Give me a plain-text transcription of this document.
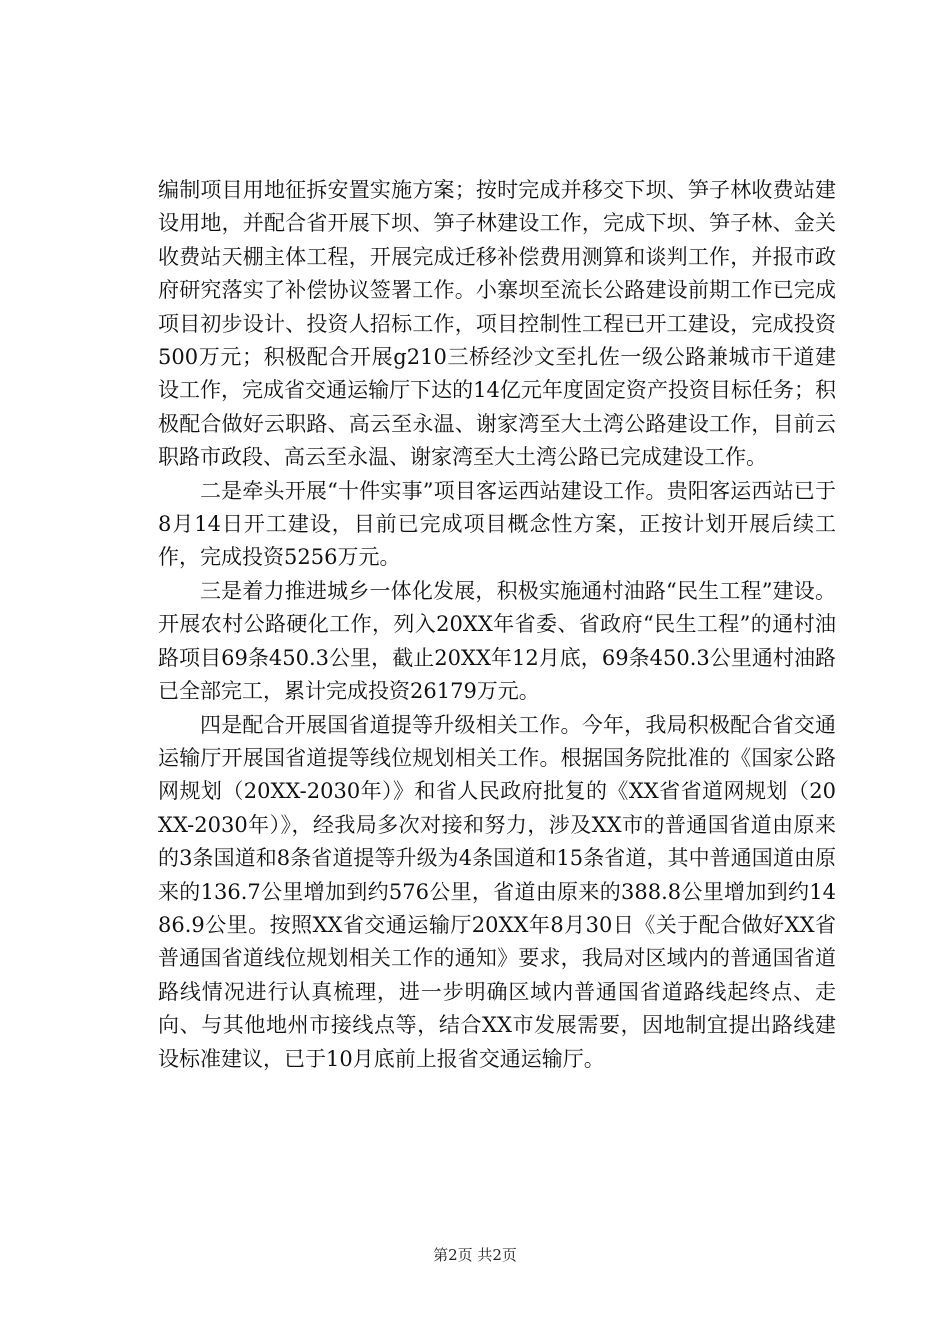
编制项目用地征拆安置实施方案；按时完成并移交下坝、笋子林收费站建设用地，并配合省开展下坝、笋子林建设工作，完成下坝、笋子林、金关收费站天棚主体工程，开展完成迁移补偿费用测算和谈判工作，并报市政府研究落实了补偿协议签署工作。小寨坝至流长公路建设前期工作已完成项目初步设计、投资人招标工作，项目控制性工程已开工建设，完成投资500万元；积极配合开展g210三桥经沙文至扎佐一级公路兼城市干道建设工作，完成省交通运输厅下达的14亿元年度固定资产投资目标任务；积极配合做好云职路、高云至永温、谢家湾至大土湾公路建设工作，目前云职路市政段、高云至永温、谢家湾至大土湾公路已完成建设工作。

二是牵头开展“十件实事”项目客运西站建设工作。贵阳客运西站已于8月14日开工建设，目前已完成项目概念性方案，正按计划开展后续工作，完成投资5256万元。

三是着力推进城乡一体化发展，积极实施通村油路“民生工程”建设。开展农村公路硬化工作，列入20XX年省委、省政府“民生工程”的通村油路项目69条450.3公里，截止20XX年12月底，69条450.3公里通村油路已全部完工，累计完成投资26179万元。

四是配合开展国省道提等升级相关工作。今年，我局积极配合省交通运输厅开展国省道提等线位规划相关工作。根据国务院批准的《国家公路网规划（20XX-2030年）》和省人民政府批复的《XX省省道网规划（20XX-2030年）》，经我局多次对接和努力，涉及XX市的普通国省道由原来的3条国道和8条省道提等升级为4条国道和15条省道，其中普通国道由原来的136.7公里增加到约576公里，省道由原来的388.8公里增加到约1486.9公里。按照XX省交通运输厅20XX年8月30日《关于配合做好XX省普通国省道线位规划相关工作的通知》要求，我局对区域内的普通国省道路线情况进行认真梳理，进一步明确区域内普通国省道路线起终点、走向、与其他地州市接线点等，结合XX市发展需要，因地制宜提出路线建设标准建议，已于10月底前上报省交通运输厅。

第2页 共2页
